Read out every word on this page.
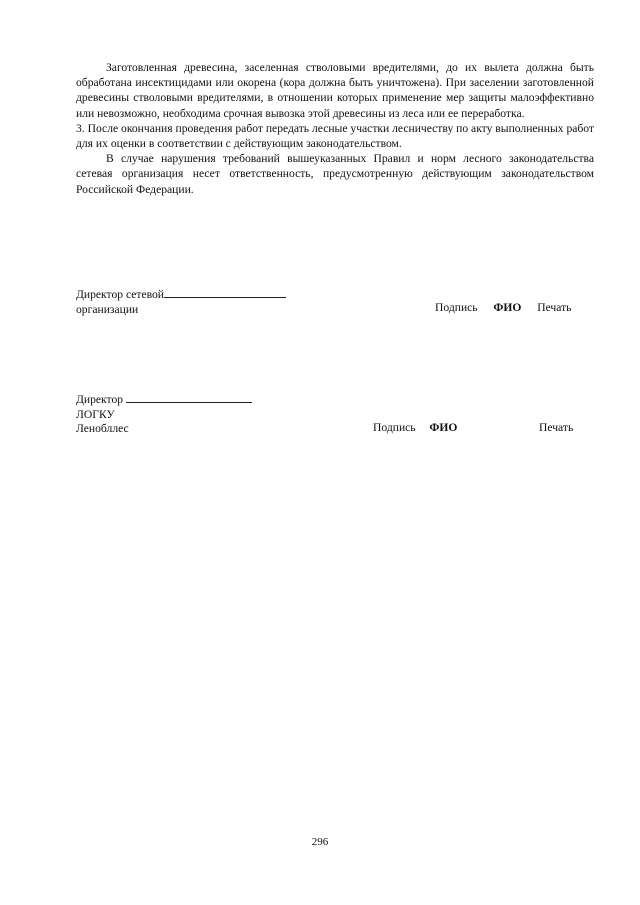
Заготовленная древесина, заселенная стволовыми вредителями, до их вылета должна быть обработана инсектицидами или окорена (кора должна быть уничтожена). При заселении заготовленной древесины стволовыми вредителями, в отношении которых применение мер защиты малоэффективно или невозможно, необходима срочная вывозка этой древесины из леса или ее переработка.

3. После окончания проведения работ передать лесные участки лесничеству по акту выполненных работ для их оценки в соответствии с действующим законодательством.

В случае нарушения требований вышеуказанных Правил и норм лесного законодательства сетевая организация несет ответственность, предусмотренную действующим законодательством Российской Федерации.

Директор сетевой
организации	Подпись ФИО Печать
Директор
ЛОГКУ
Ленобллес	Подпись ФИО	Печать
296
